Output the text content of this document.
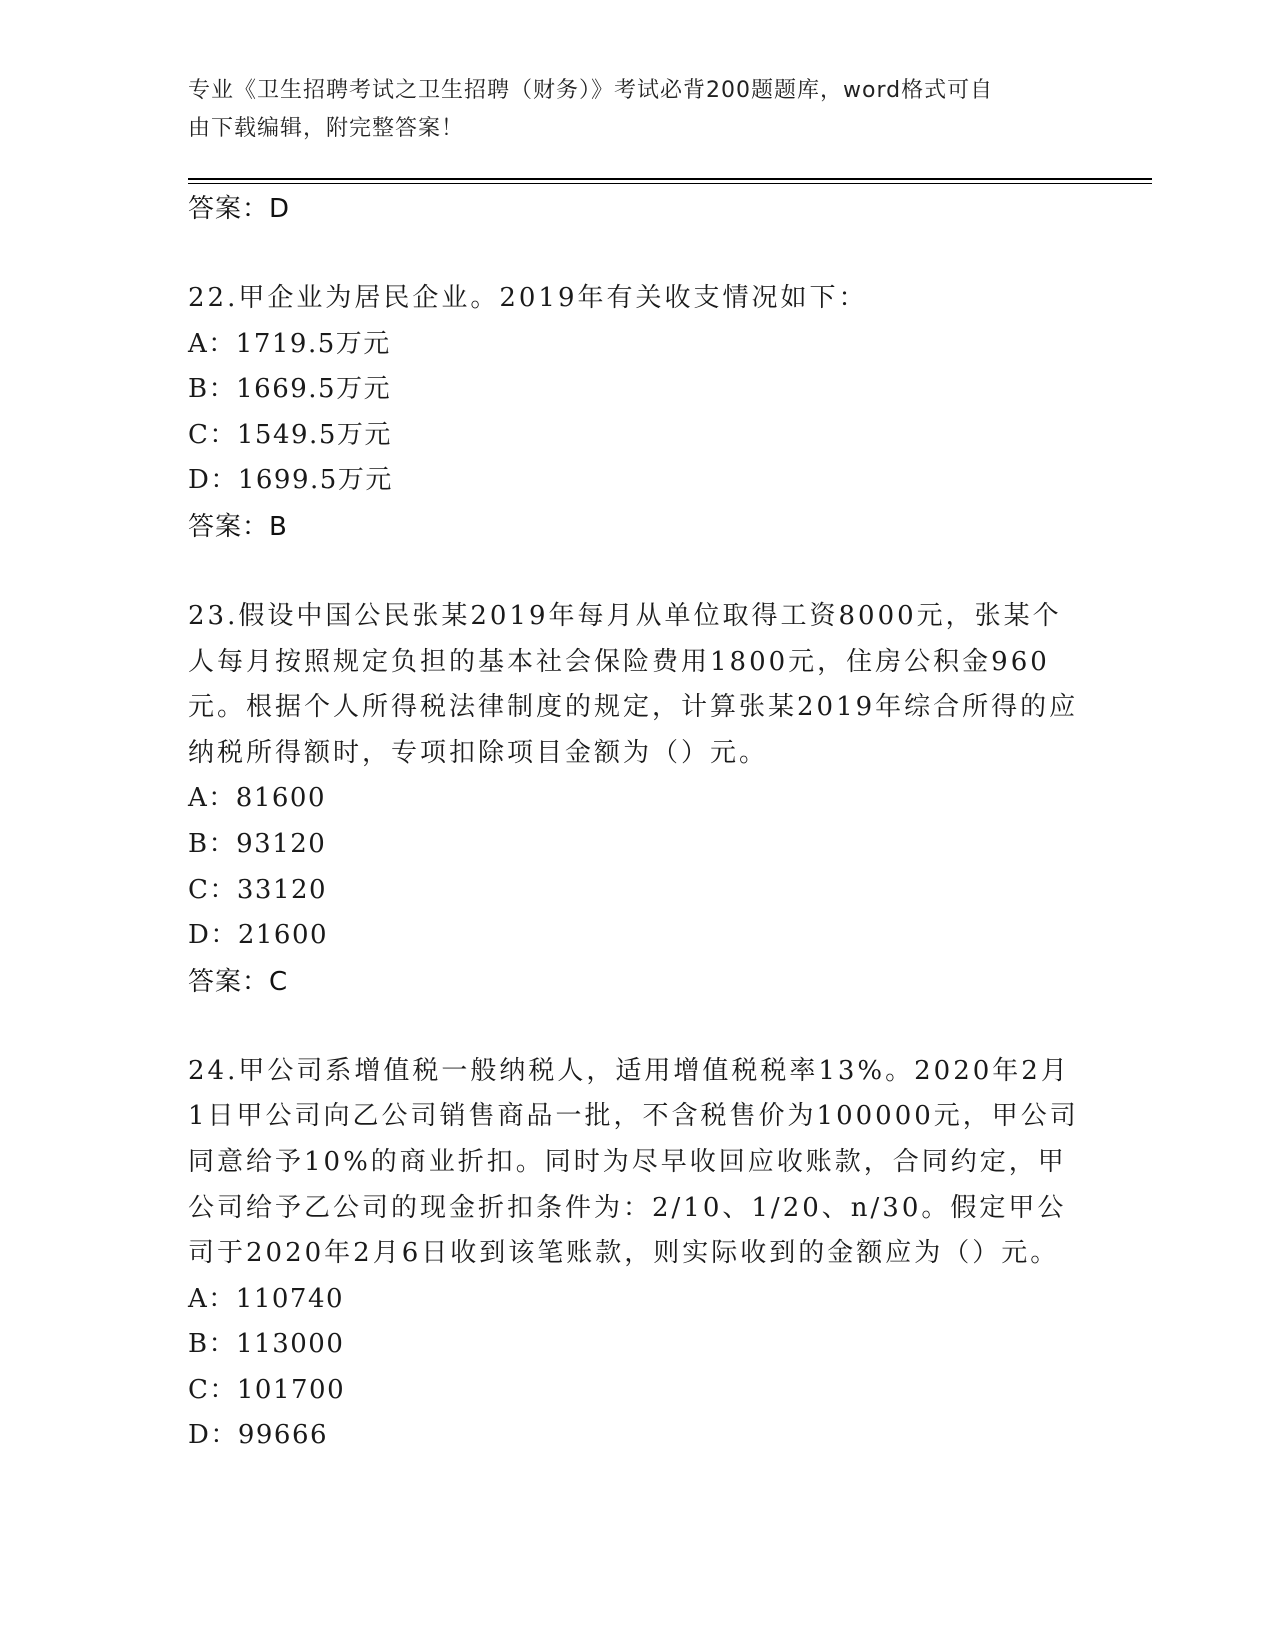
专业《卫生招聘考试之卫生招聘（财务）》考试必背200题题库，word格式可自
由下载编辑，附完整答案！
答案：D
22.甲企业为居民企业。2019年有关收支情况如下：
A：1719.5万元
B：1669.5万元
C：1549.5万元
D：1699.5万元
答案：B
23.假设中国公民张某2019年每月从单位取得工资8000元，张某个人每月按照规定负担的基本社会保险费用1800元，住房公积金960元。根据个人所得税法律制度的规定，计算张某2019年综合所得的应纳税所得额时，专项扣除项目金额为（）元。
A：81600
B：93120
C：33120
D：21600
答案：C
24.甲公司系增值税一般纳税人，适用增值税税率13%。2020年2月1日甲公司向乙公司销售商品一批，不含税售价为100000元，甲公司同意给予10%的商业折扣。同时为尽早收回应收账款，合同约定，甲公司给予乙公司的现金折扣条件为：2/10、1/20、n/30。假定甲公司于2020年2月6日收到该笔账款，则实际收到的金额应为（）元。
A：110740
B：113000
C：101700
D：99666
